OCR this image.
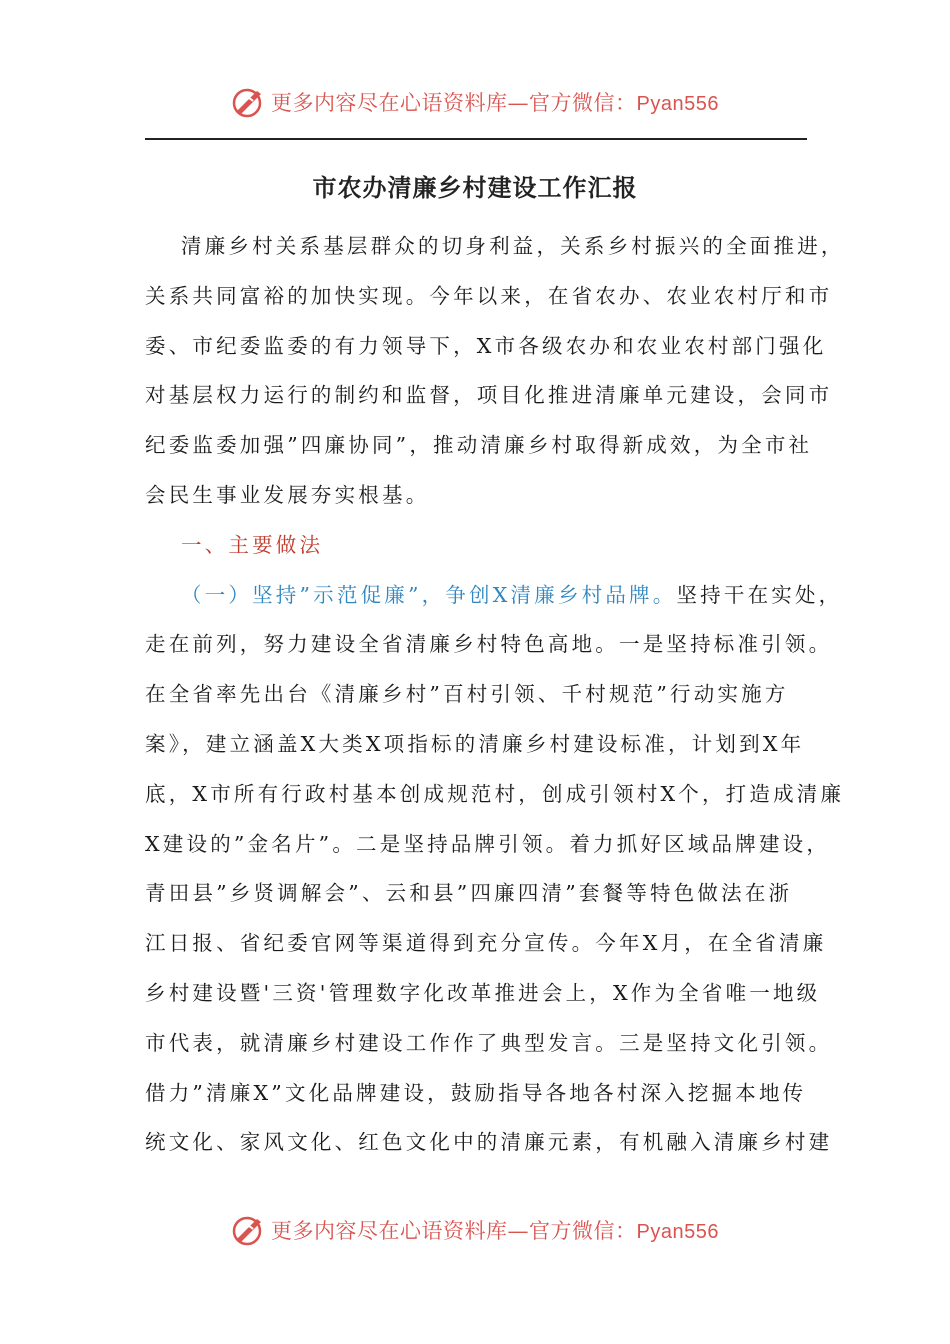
更多内容尽在心语资料库—官方微信：Pyan556
市农办清廉乡村建设工作汇报
清廉乡村关系基层群众的切身利益，关系乡村振兴的全面推进，
关系共同富裕的加快实现。今年以来，在省农办、农业农村厅和市
委、市纪委监委的有力领导下，X市各级农办和农业农村部门强化
对基层权力运行的制约和监督，项目化推进清廉单元建设，会同市
纪委监委加强”四廉协同”，推动清廉乡村取得新成效，为全市社
会民生事业发展夯实根基。
一、主要做法
（一）坚持”示范促廉”，争创X清廉乡村品牌。坚持干在实处，
走在前列，努力建设全省清廉乡村特色高地。一是坚持标准引领。
在全省率先出台《清廉乡村”百村引领、千村规范”行动实施方
案》，建立涵盖X大类X项指标的清廉乡村建设标准，计划到X年
底，X市所有行政村基本创成规范村，创成引领村X个，打造成清廉
X建设的”金名片”。二是坚持品牌引领。着力抓好区域品牌建设，
青田县”乡贤调解会”、云和县”四廉四清”套餐等特色做法在浙
江日报、省纪委官网等渠道得到充分宣传。今年X月，在全省清廉
乡村建设暨'三资'管理数字化改革推进会上，X作为全省唯一地级
市代表，就清廉乡村建设工作作了典型发言。三是坚持文化引领。
借力”清廉X”文化品牌建设，鼓励指导各地各村深入挖掘本地传
统文化、家风文化、红色文化中的清廉元素，有机融入清廉乡村建
更多内容尽在心语资料库—官方微信：Pyan556
